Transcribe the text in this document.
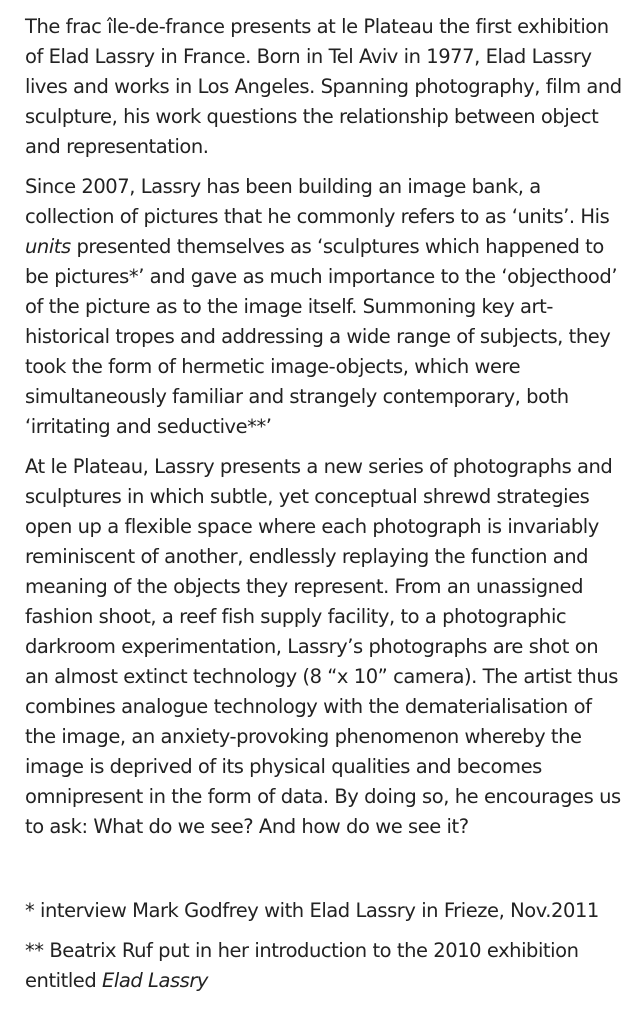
The frac île-de-france presents at le Plateau the first exhibition of Elad Lassry in France. Born in Tel Aviv in 1977, Elad Lassry lives and works in Los Angeles. Spanning photography, film and sculpture, his work questions the relationship between object and representation.

Since 2007, Lassry has been building an image bank, a collection of pictures that he commonly refers to as ‘units’. His units presented themselves as ‘sculptures which happened to be pictures*’ and gave as much importance to the ‘objecthood’ of the picture as to the image itself. Summoning key art-historical tropes and addressing a wide range of subjects, they took the form of hermetic image-objects, which were simultaneously familiar and strangely contemporary, both ‘irritating and seductive**’

At le Plateau, Lassry presents a new series of photographs and sculptures in which subtle, yet conceptual shrewd strategies open up a flexible space where each photograph is invariably reminiscent of another, endlessly replaying the function and meaning of the objects they represent. From an unassigned fashion shoot, a reef fish supply facility, to a photographic darkroom experimentation, Lassry’s photographs are shot on an almost extinct technology (8 “x 10” camera). The artist thus combines analogue technology with the dematerialisation of the image, an anxiety-provoking phenomenon whereby the image is deprived of its physical qualities and becomes omnipresent in the form of data. By doing so, he encourages us to ask: What do we see? And how do we see it?

* interview Mark Godfrey with Elad Lassry in Frieze, Nov.2011

** Beatrix Ruf put in her introduction to the 2010 exhibition entitled Elad Lassry
